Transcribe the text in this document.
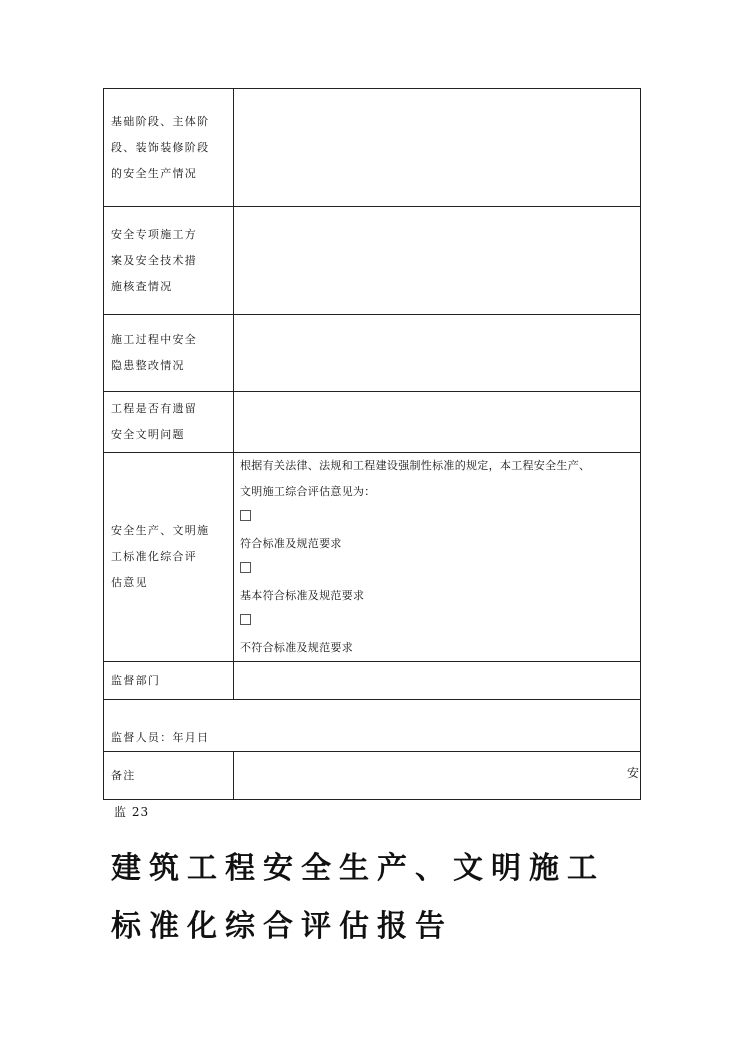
基础阶段、主体阶
段、装饰装修阶段
的安全生产情况	

安全专项施工方
案及安全技术措
施核查情况	

施工过程中安全
隐患整改情况	

工程是否有遗留
安全文明问题	

安全生产、文明施
工标准化综合评
估意见	根据有关法律、法规和工程建设强制性标准的规定，本工程安全生产、
文明施工综合评估意见为：
符合标准及规范要求
基本符合标准及规范要求
不符合标准及规范要求

监督部门	
监督人员：年月日	
备注		安
监 23
建筑工程安全生产、文明施工
标准化综合评估报告
